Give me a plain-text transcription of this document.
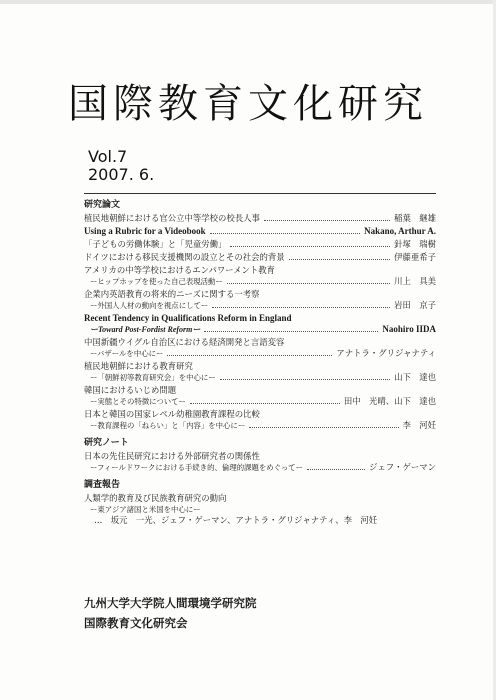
国際教育文化研究
Vol.7
2007. 6.
研究論文
植民地朝鮮における官公立中等学校の校長人事	稲葉　継雄
Using a Rubric for a Videobook	Nakano, Arthur A.
「子どもの労働体験」と「児童労働」	針塚　瑞樹
ドイツにおける移民支援機関の設立とその社会的背景	伊藤亜希子
アメリカの中等学校におけるエンパワーメント教育
ーヒップホップを使った自己表現活動ー	川上　具美
企業内英語教育の将来的ニーズに関する一考察
ー外国人人材の動向を視点にしてー	岩田　京子
Recent Tendency in Qualifications Reform in England
ーToward Post-Fordist Reformー	Naohiro IIDA
中国新疆ウイグル自治区における経済開発と言語変容
ーバザールを中心にー	アナトラ・グリジャナティ
植民地朝鮮における教育研究
ー「朝鮮初等教育研究会」を中心にー	山下　達也
韓国におけるいじめ問題
ー実態とその特徴についてー	田中　光晴、山下　達也
日本と韓国の国家レベル幼稚園教育課程の比較
ー教育課程の「ねらい」と「内容」を中心にー	李　河妊
研究ノート
日本の先住民研究における外部研究者の関係性
ーフィールドワークにおける手続き的、倫理的課題をめぐってー	ジェフ・ゲーマン
調査報告
人類学的教育及び民族教育研究の動向
ー東アジア諸国と米国を中心にー
…　坂元　一光、ジェフ・ゲーマン、アナトラ・グリジャナティ、李　河妊
九州大学大学院人間環境学研究院
国際教育文化研究会
